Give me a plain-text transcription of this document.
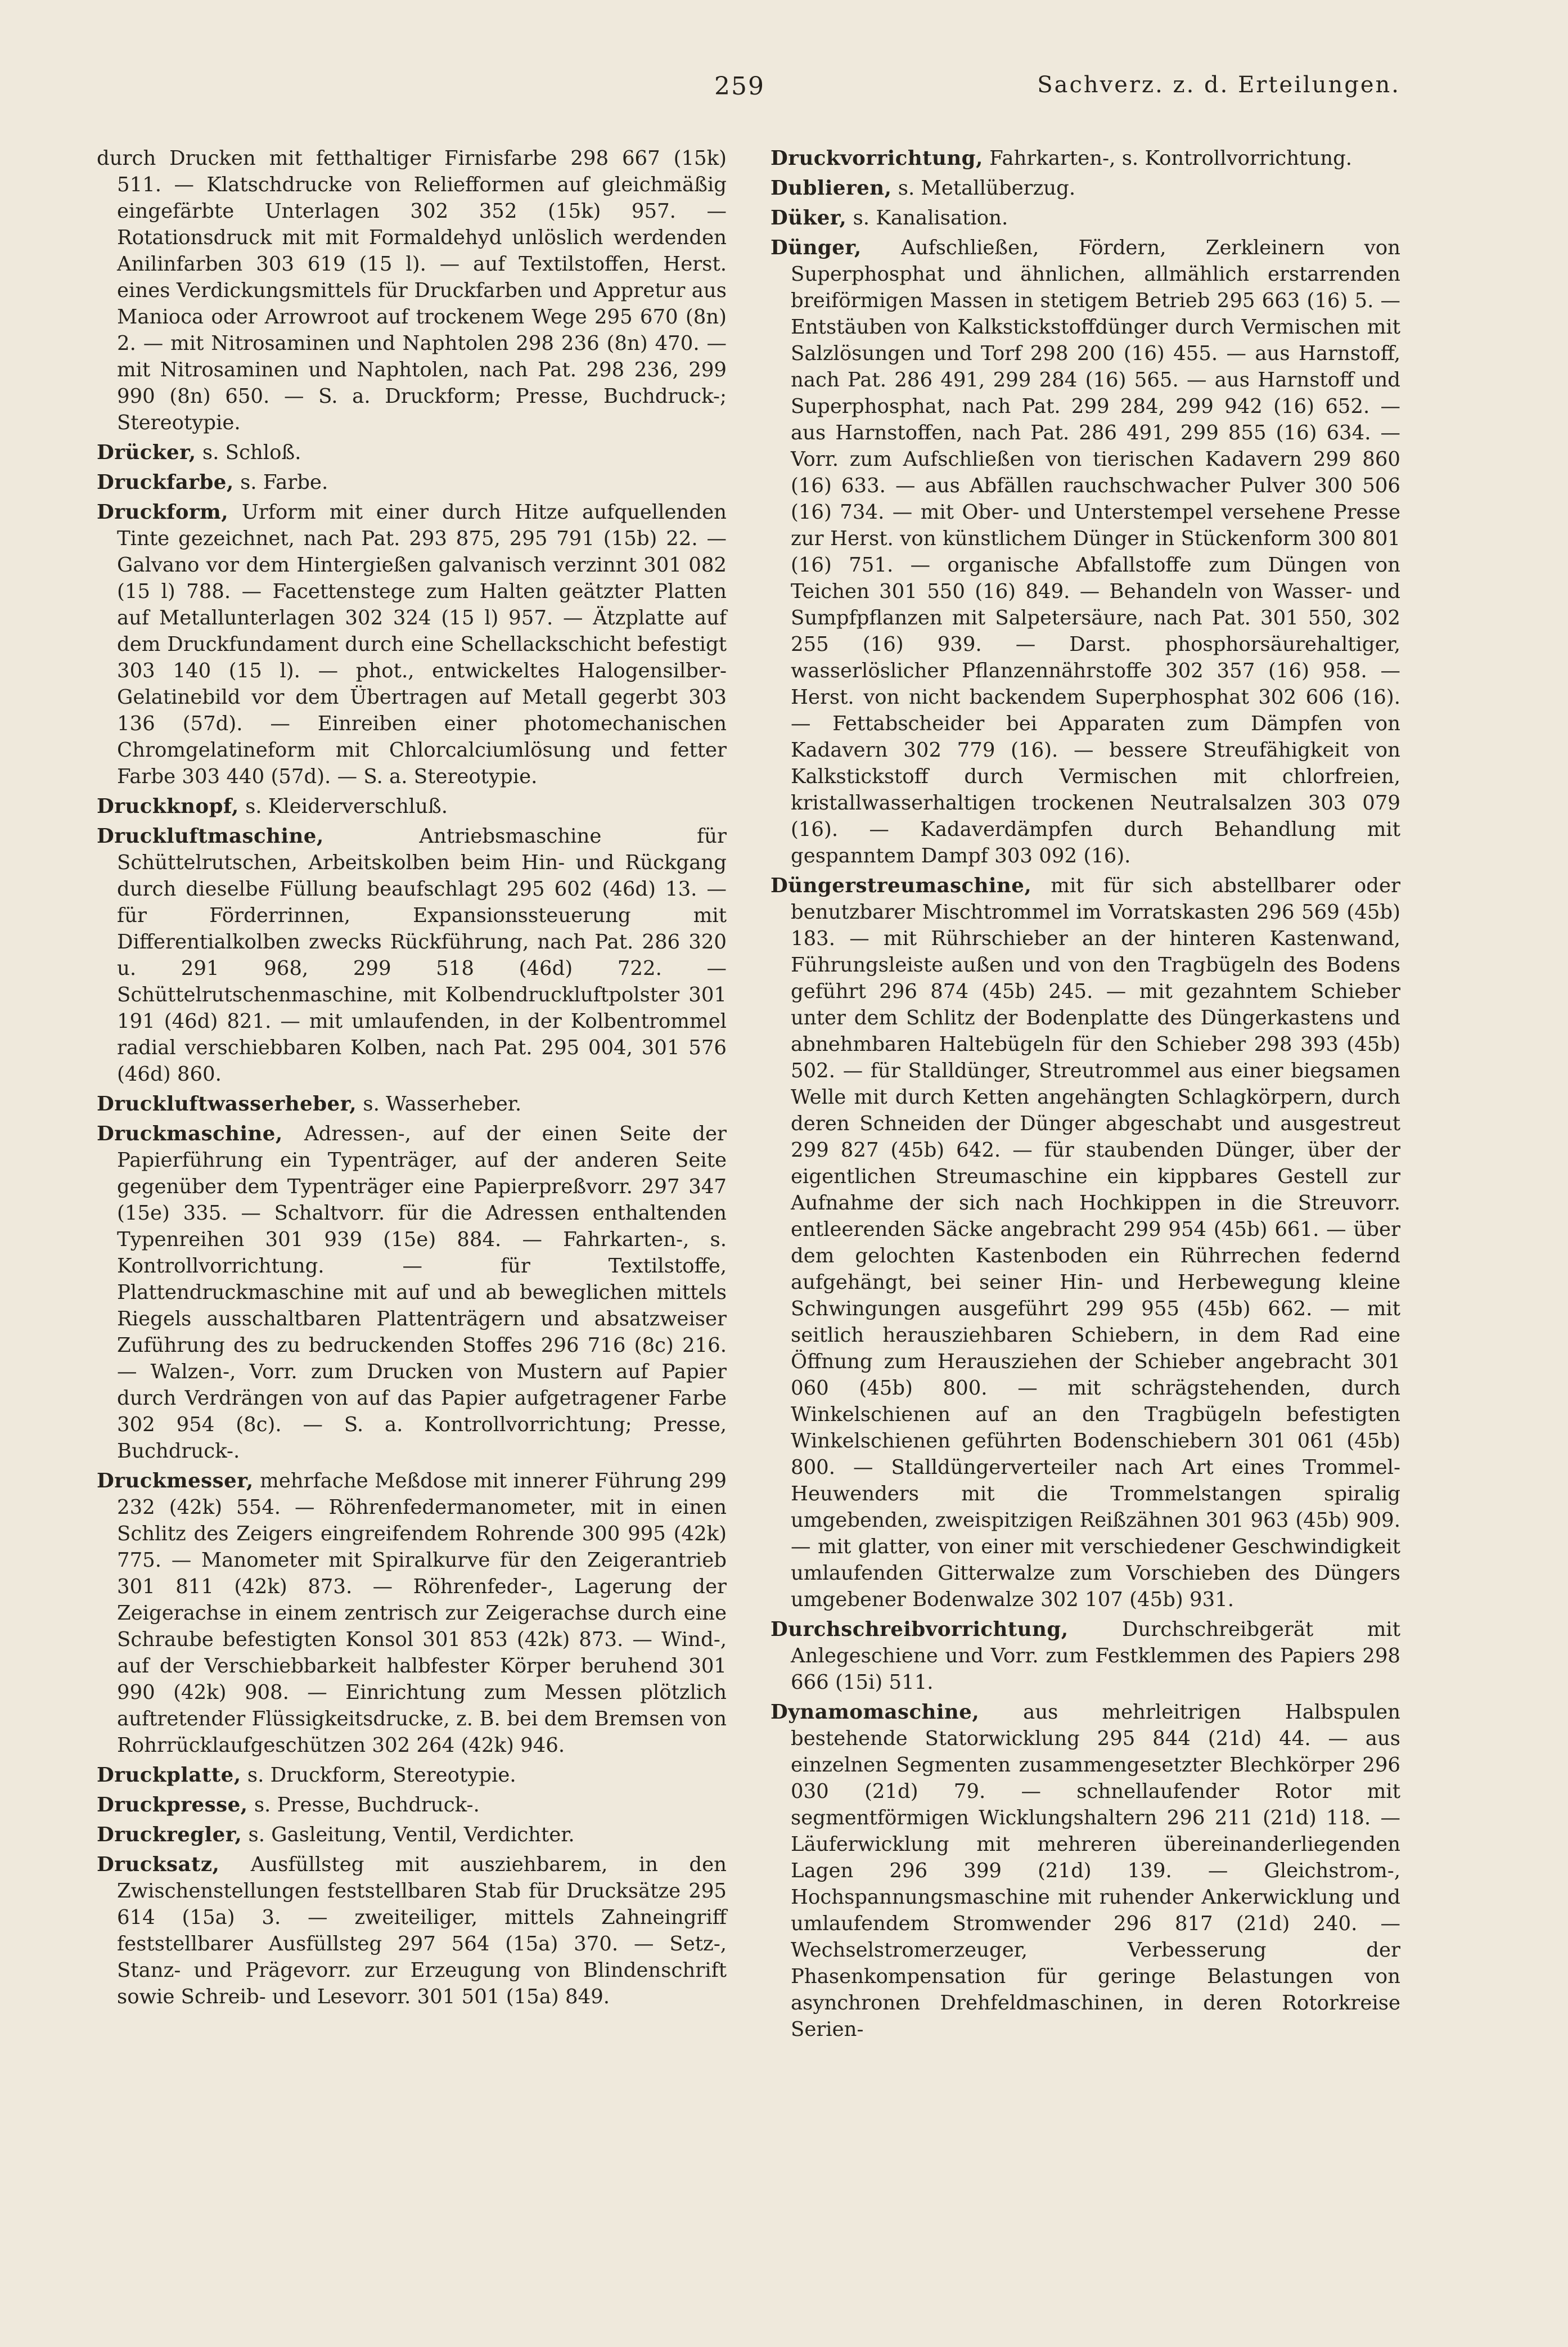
259	Sachverz. z. d. Erteilungen.

durch Drucken mit fetthaltiger Firnisfarbe 298 667 (15k) 511. — Klatschdrucke von Reliefformen auf gleichmäßig eingefärbte Unterlagen 302 352 (15k) 957. — Rotationsdruck mit mit Formaldehyd unlöslich werdenden Anilinfarben 303 619 (15 l). — auf Textilstoffen, Herst. eines Verdickungsmittels für Druckfarben und Appretur aus Manioca oder Arrowroot auf trockenem Wege 295 670 (8n) 2. — mit Nitrosaminen und Naphtolen 298 236 (8n) 470. — mit Nitrosaminen und Naphtolen, nach Pat. 298 236, 299 990 (8n) 650. — S. a. Druckform; Presse, Buchdruck-; Stereotypie.

Drücker, s. Schloß.

Druckfarbe, s. Farbe.

Druckform, Urform mit einer durch Hitze aufquellenden Tinte gezeichnet, nach Pat. 293 875, 295 791 (15b) 22. — Galvano vor dem Hintergießen galvanisch verzinnt 301 082 (15 l) 788. — Facettenstege zum Halten geätzter Platten auf Metallunterlagen 302 324 (15 l) 957. — Ätzplatte auf dem Druckfundament durch eine Schellackschicht befestigt 303 140 (15 l). — phot., entwickeltes Halogensilber-Gelatinebild vor dem Übertragen auf Metall gegerbt 303 136 (57d). — Einreiben einer photomechanischen Chromgelatineform mit Chlorcalciumlösung und fetter Farbe 303 440 (57d). — S. a. Stereotypie.

Druckknopf, s. Kleiderverschluß.

Druckluftmaschine,	Antriebsmaschine für Schüttelrutschen, Arbeitskolben beim Hin- und Rückgang durch dieselbe Füllung beaufschlagt 295 602 (46d) 13. — für Förderrinnen, Expansionssteuerung mit Differentialkolben zwecks Rückführung, nach Pat. 286 320 u. 291 968, 299 518 (46d) 722. — Schüttelrutschenmaschine, mit Kolbendruckluftpolster 301 191 (46d) 821. — mit umlaufenden, in der Kolbentrommel radial verschiebbaren Kolben, nach Pat. 295 004, 301 576 (46d) 860.

Druckluftwasserheber, s. Wasserheber.

Druckmaschine, Adressen-, auf der einen Seite der Papierführung ein Typenträger, auf der anderen Seite gegenüber dem Typenträger eine Papierpreßvorr. 297 347 (15e) 335. — Schaltvorr. für die Adressen enthaltenden Typenreihen 301 939 (15e) 884. — Fahrkarten-, s. Kontrollvorrichtung. — für Textilstoffe, Plattendruckmaschine mit auf und ab beweglichen mittels Riegels ausschaltbaren Plattenträgern und absatzweiser Zuführung des zu bedruckenden Stoffes 296 716 (8c) 216. — Walzen-, Vorr. zum Drucken von Mustern auf Papier durch Verdrängen von auf das Papier aufgetragener Farbe 302 954 (8c). — S. a. Kontrollvorrichtung; Presse, Buchdruck-.

Druckmesser, mehrfache Meßdose mit innerer Führung 299 232 (42k) 554. — Röhrenfedermanometer, mit in einen Schlitz des Zeigers eingreifendem Rohrende 300 995 (42k) 775. — Manometer mit Spiralkurve für den Zeigerantrieb 301 811 (42k) 873. — Röhrenfeder-, Lagerung der Zeigerachse in einem zentrisch zur Zeigerachse durch eine Schraube befestigten Konsol 301 853 (42k) 873. — Wind-, auf der Verschiebbarkeit halbfester Körper beruhend 301 990 (42k) 908. — Einrichtung zum Messen plötzlich auftretender Flüssigkeitsdrucke, z. B. bei dem Bremsen von Rohrrücklaufgeschützen 302 264 (42k) 946.

Druckplatte, s. Druckform, Stereotypie.

Druckpresse, s. Presse, Buchdruck-.

Druckregler, s. Gasleitung, Ventil, Verdichter.

Drucksatz, Ausfüllsteg mit ausziehbarem, in den Zwischenstellungen feststellbaren Stab für Drucksätze 295 614 (15a) 3. — zweiteiliger, mittels Zahneingriff feststellbarer Ausfüllsteg 297 564 (15a) 370. — Setz-, Stanz- und Prägevorr. zur Erzeugung von Blindenschrift sowie Schreib- und Lesevorr. 301 501 (15a) 849.

Druckvorrichtung, Fahrkarten-, s. Kontrollvorrichtung.

Dublieren, s. Metallüberzug.

Düker, s. Kanalisation.

Dünger, Aufschließen, Fördern, Zerkleinern von Superphosphat und ähnlichen, allmählich erstarrenden breiförmigen Massen in stetigem Betrieb 295 663 (16) 5. — Entstäuben von Kalkstickstoffdünger durch Vermischen mit Salzlösungen und Torf 298 200 (16) 455. — aus Harnstoff, nach Pat. 286 491, 299 284 (16) 565. — aus Harnstoff und Superphosphat, nach Pat. 299 284, 299 942 (16) 652. — aus Harnstoffen, nach Pat. 286 491, 299 855 (16) 634. — Vorr. zum Aufschließen von tierischen Kadavern 299 860 (16) 633. — aus Abfällen rauchschwacher Pulver 300 506 (16) 734. — mit Ober- und Unterstempel versehene Presse zur Herst. von künstlichem Dünger in Stückenform 300 801 (16) 751. — organische Abfallstoffe zum Düngen von Teichen 301 550 (16) 849. — Behandeln von Wasser- und Sumpfpflanzen mit Salpetersäure, nach Pat. 301 550, 302 255 (16) 939. — Darst. phosphorsäurehaltiger, wasserlöslicher Pflanzennährstoffe 302 357 (16) 958. — Herst. von nicht backendem Superphosphat 302 606 (16). — Fettabscheider bei Apparaten zum Dämpfen von Kadavern 302 779 (16). — bessere Streufähigkeit von Kalkstickstoff durch Vermischen mit chlorfreien, kristallwasserhaltigen trockenen Neutralsalzen 303 079 (16). — Kadaverdämpfen durch Behandlung mit gespanntem Dampf 303 092 (16).

Düngerstreumaschine, mit für sich abstellbarer oder benutzbarer Mischtrommel im Vorratskasten 296 569 (45b) 183. — mit Rührschieber an der hinteren Kastenwand, Führungsleiste außen und von den Tragbügeln des Bodens geführt 296 874 (45b) 245. — mit gezahntem Schieber unter dem Schlitz der Bodenplatte des Düngerkastens und abnehmbaren Haltebügeln für den Schieber 298 393 (45b) 502. — für Stalldünger, Streutrommel aus einer biegsamen Welle mit durch Ketten angehängten Schlagkörpern, durch deren Schneiden der Dünger abgeschabt und ausgestreut 299 827 (45b) 642. — für staubenden Dünger, über der eigentlichen Streumaschine ein kippbares Gestell zur Aufnahme der sich nach Hochkippen in die Streuvorr. entleerenden Säcke angebracht 299 954 (45b) 661. — über dem gelochten Kastenboden ein Rührrechen federnd aufgehängt, bei seiner Hin- und Herbewegung kleine Schwingungen ausgeführt 299 955 (45b) 662. — mit seitlich herausziehbaren Schiebern, in dem Rad eine Öffnung zum Herausziehen der Schieber angebracht 301 060 (45b) 800. — mit schrägstehenden, durch Winkelschienen auf an den Tragbügeln befestigten Winkelschienen geführten Bodenschiebern 301 061 (45b) 800. — Stalldüngerverteiler nach Art eines Trommel-Heuwenders mit die Trommelstangen spiralig umgebenden, zweispitzigen Reißzähnen 301 963 (45b) 909. — mit glatter, von einer mit verschiedener Geschwindigkeit umlaufenden Gitterwalze zum Vorschieben des Düngers umgebener Bodenwalze 302 107 (45b) 931.

Durchschreibvorrichtung,	Durchschreibgerät mit Anlegeschiene und Vorr. zum Festklemmen des Papiers 298 666 (15i) 511.

Dynamomaschine, aus mehrleitrigen Halbspulen bestehende Statorwicklung 295 844 (21d) 44. — aus einzelnen Segmenten zusammengesetzter Blechkörper 296 030 (21d) 79. — schnellaufender Rotor mit segmentförmigen Wicklungshaltern 296 211 (21d) 118. — Läuferwicklung mit mehreren übereinanderliegenden Lagen 296 399 (21d) 139. — Gleichstrom-, Hochspannungsmaschine mit ruhender Ankerwicklung und umlaufendem Stromwender 296 817 (21d) 240. — Wechselstromerzeuger, Verbesserung der Phasenkompensation für geringe Belastungen von asynchronen Drehfeldmaschinen, in deren Rotorkreise Serien-
